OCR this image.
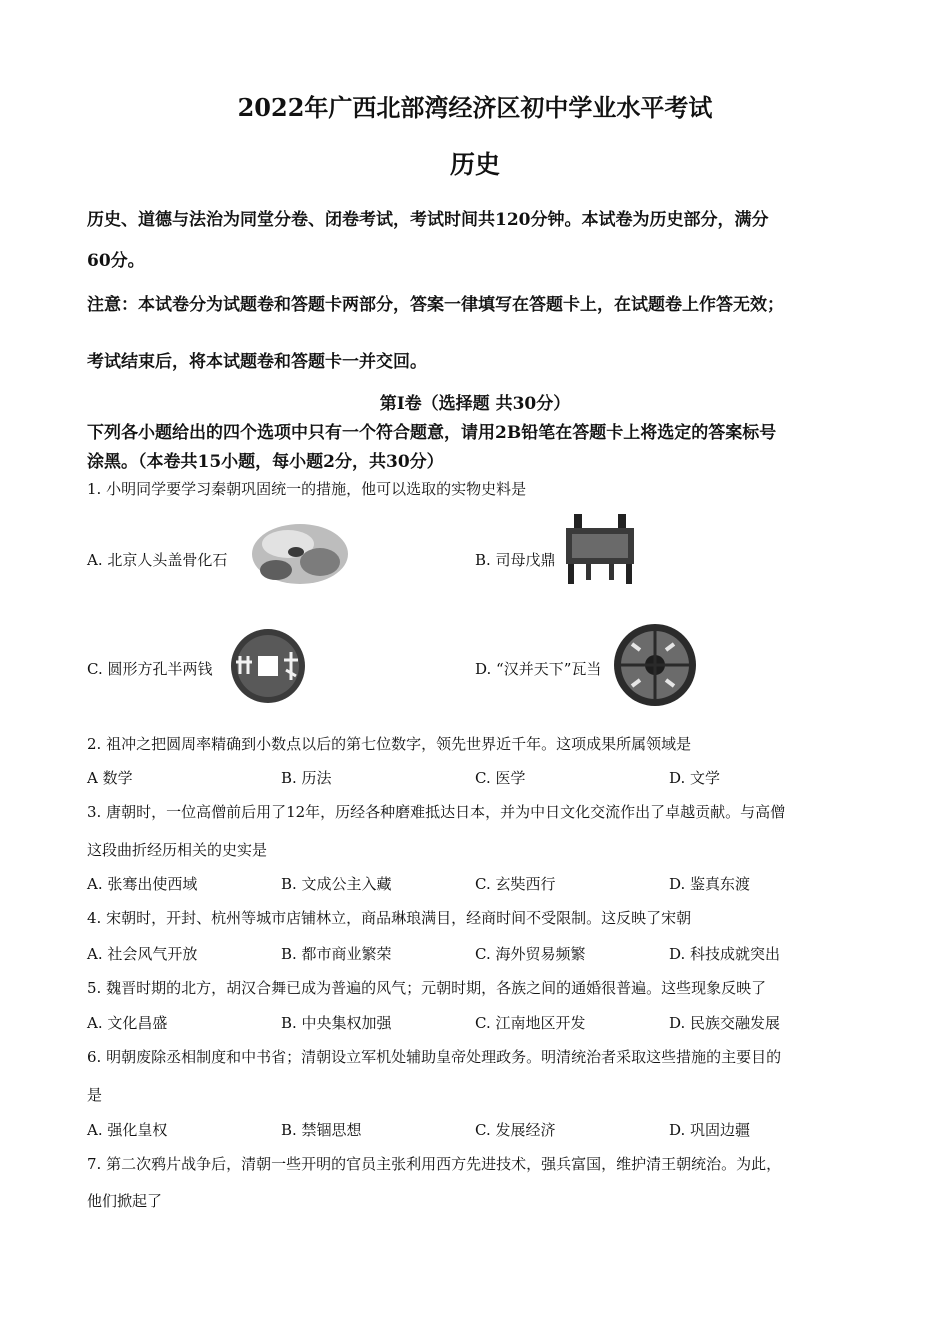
2022年广西北部湾经济区初中学业水平考试
历史
历史、道德与法治为同堂分卷、闭卷考试，考试时间共120分钟。本试卷为历史部分，满分
60分。
注意：本试卷分为试题卷和答题卡两部分，答案一律填写在答题卡上，在试题卷上作答无效；
考试结束后，将本试题卷和答题卡一并交回。
第Ⅰ卷（选择题 共30分）
下列各小题给出的四个选项中只有一个符合题意，请用2B铅笔在答题卡上将选定的答案标号
涂黑。（本卷共15小题，每小题2分，共30分）
1. 小明同学要学习秦朝巩固统一的措施，他可以选取的实物史料是
A. 北京人头盖骨化石	B. 司母戊鼎
C. 圆形方孔半两钱	D. “汉并天下”瓦当
2. 祖冲之把圆周率精确到小数点以后的第七位数字，领先世界近千年。这项成果所属领域是
A 数学	B. 历法	C. 医学	D. 文学
3. 唐朝时，一位高僧前后用了12年，历经各种磨难抵达日本，并为中日文化交流作出了卓越贡献。与高僧
这段曲折经历相关的史实是
A. 张骞出使西域	B. 文成公主入藏	C. 玄奘西行	D. 鉴真东渡
4. 宋朝时，开封、杭州等城市店铺林立，商品琳琅满目，经商时间不受限制。这反映了宋朝
A. 社会风气开放	B. 都市商业繁荣	C. 海外贸易频繁	D. 科技成就突出
5. 魏晋时期的北方，胡汉合舞已成为普遍的风气；元朝时期，各族之间的通婚很普遍。这些现象反映了
A. 文化昌盛	B. 中央集权加强	C. 江南地区开发	D. 民族交融发展
6. 明朝废除丞相制度和中书省；清朝设立军机处辅助皇帝处理政务。明清统治者采取这些措施的主要目的
是
A. 强化皇权	B. 禁锢思想	C. 发展经济	D. 巩固边疆
7. 第二次鸦片战争后，清朝一些开明的官员主张利用西方先进技术，强兵富国，维护清王朝统治。为此，
他们掀起了
